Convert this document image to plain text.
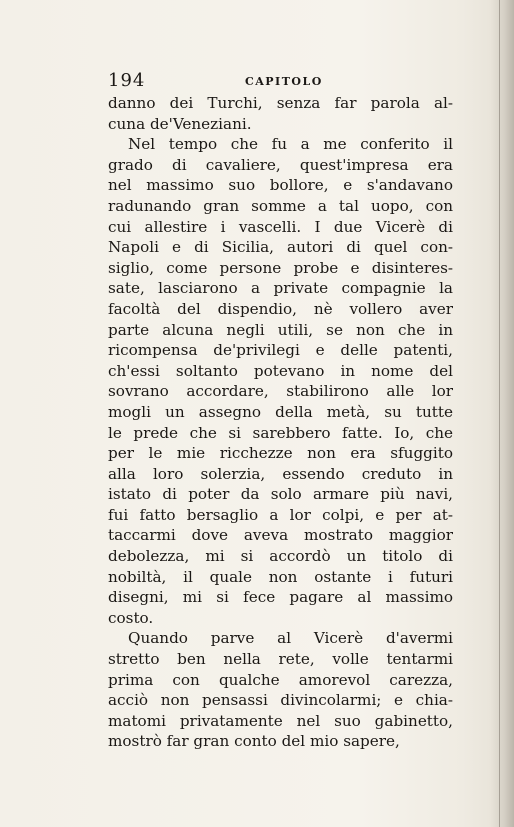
194	CAPITOLO
danno dei Turchi, senza far parola al-
cuna de'Veneziani.
Nel tempo che fu a me conferito il
grado di cavaliere, quest'impresa era
nel massimo suo bollore, e s'andavano
radunando gran somme a tal uopo, con
cui allestire i vascelli. I due Vicerè di
Napoli e di Sicilia, autori di quel con-
siglio, come persone probe e disinteres-
sate, lasciarono a private compagnie la
facoltà del dispendio, nè vollero aver
parte alcuna negli utili, se non che in
ricompensa de'privilegi e delle patenti,
ch'essi soltanto potevano in nome del
sovrano accordare, stabilirono alle lor
mogli un assegno della metà, su tutte
le prede che si sarebbero fatte. Io, che
per le mie ricchezze non era sfuggito
alla loro solerzia, essendo creduto in
istato di poter da solo armare più navi,
fui fatto bersaglio a lor colpi, e per at-
taccarmi dove aveva mostrato maggior
debolezza, mi si accordò un titolo di
nobiltà, il quale non ostante i futuri
disegni, mi si fece pagare al massimo
costo.
Quando parve al Vicerè d'avermi
stretto ben nella rete, volle tentarmi
prima con qualche amorevol carezza,
acciò non pensassi divincolarmi; e chia-
matomi privatamente nel suo gabinetto,
mostrò far gran conto del mio sapere,
